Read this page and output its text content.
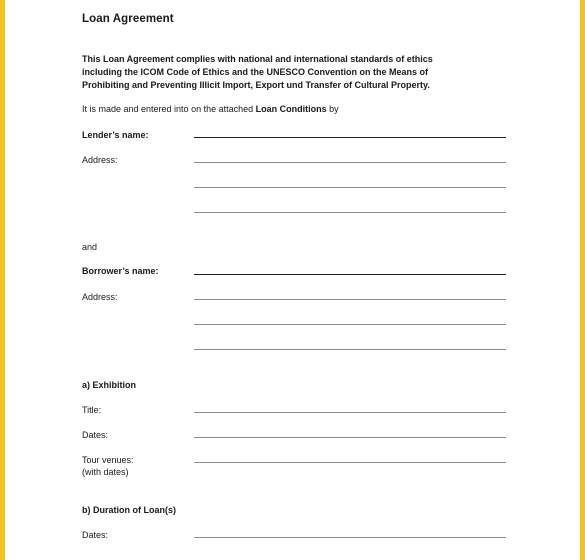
Loan Agreement
This Loan Agreement complies with national and international standards of ethics
including the ICOM Code of Ethics and the UNESCO Convention on the Means of
Prohibiting and Preventing Illicit Import, Export und Transfer of Cultural Property.
It is made and entered into on the attached Loan Conditions by
Lender’s name:
Address:
and
Borrower’s name:
Address:
a) Exhibition
Title:
Dates:
Tour venues:
(with dates)
b) Duration of Loan(s)
Dates:
